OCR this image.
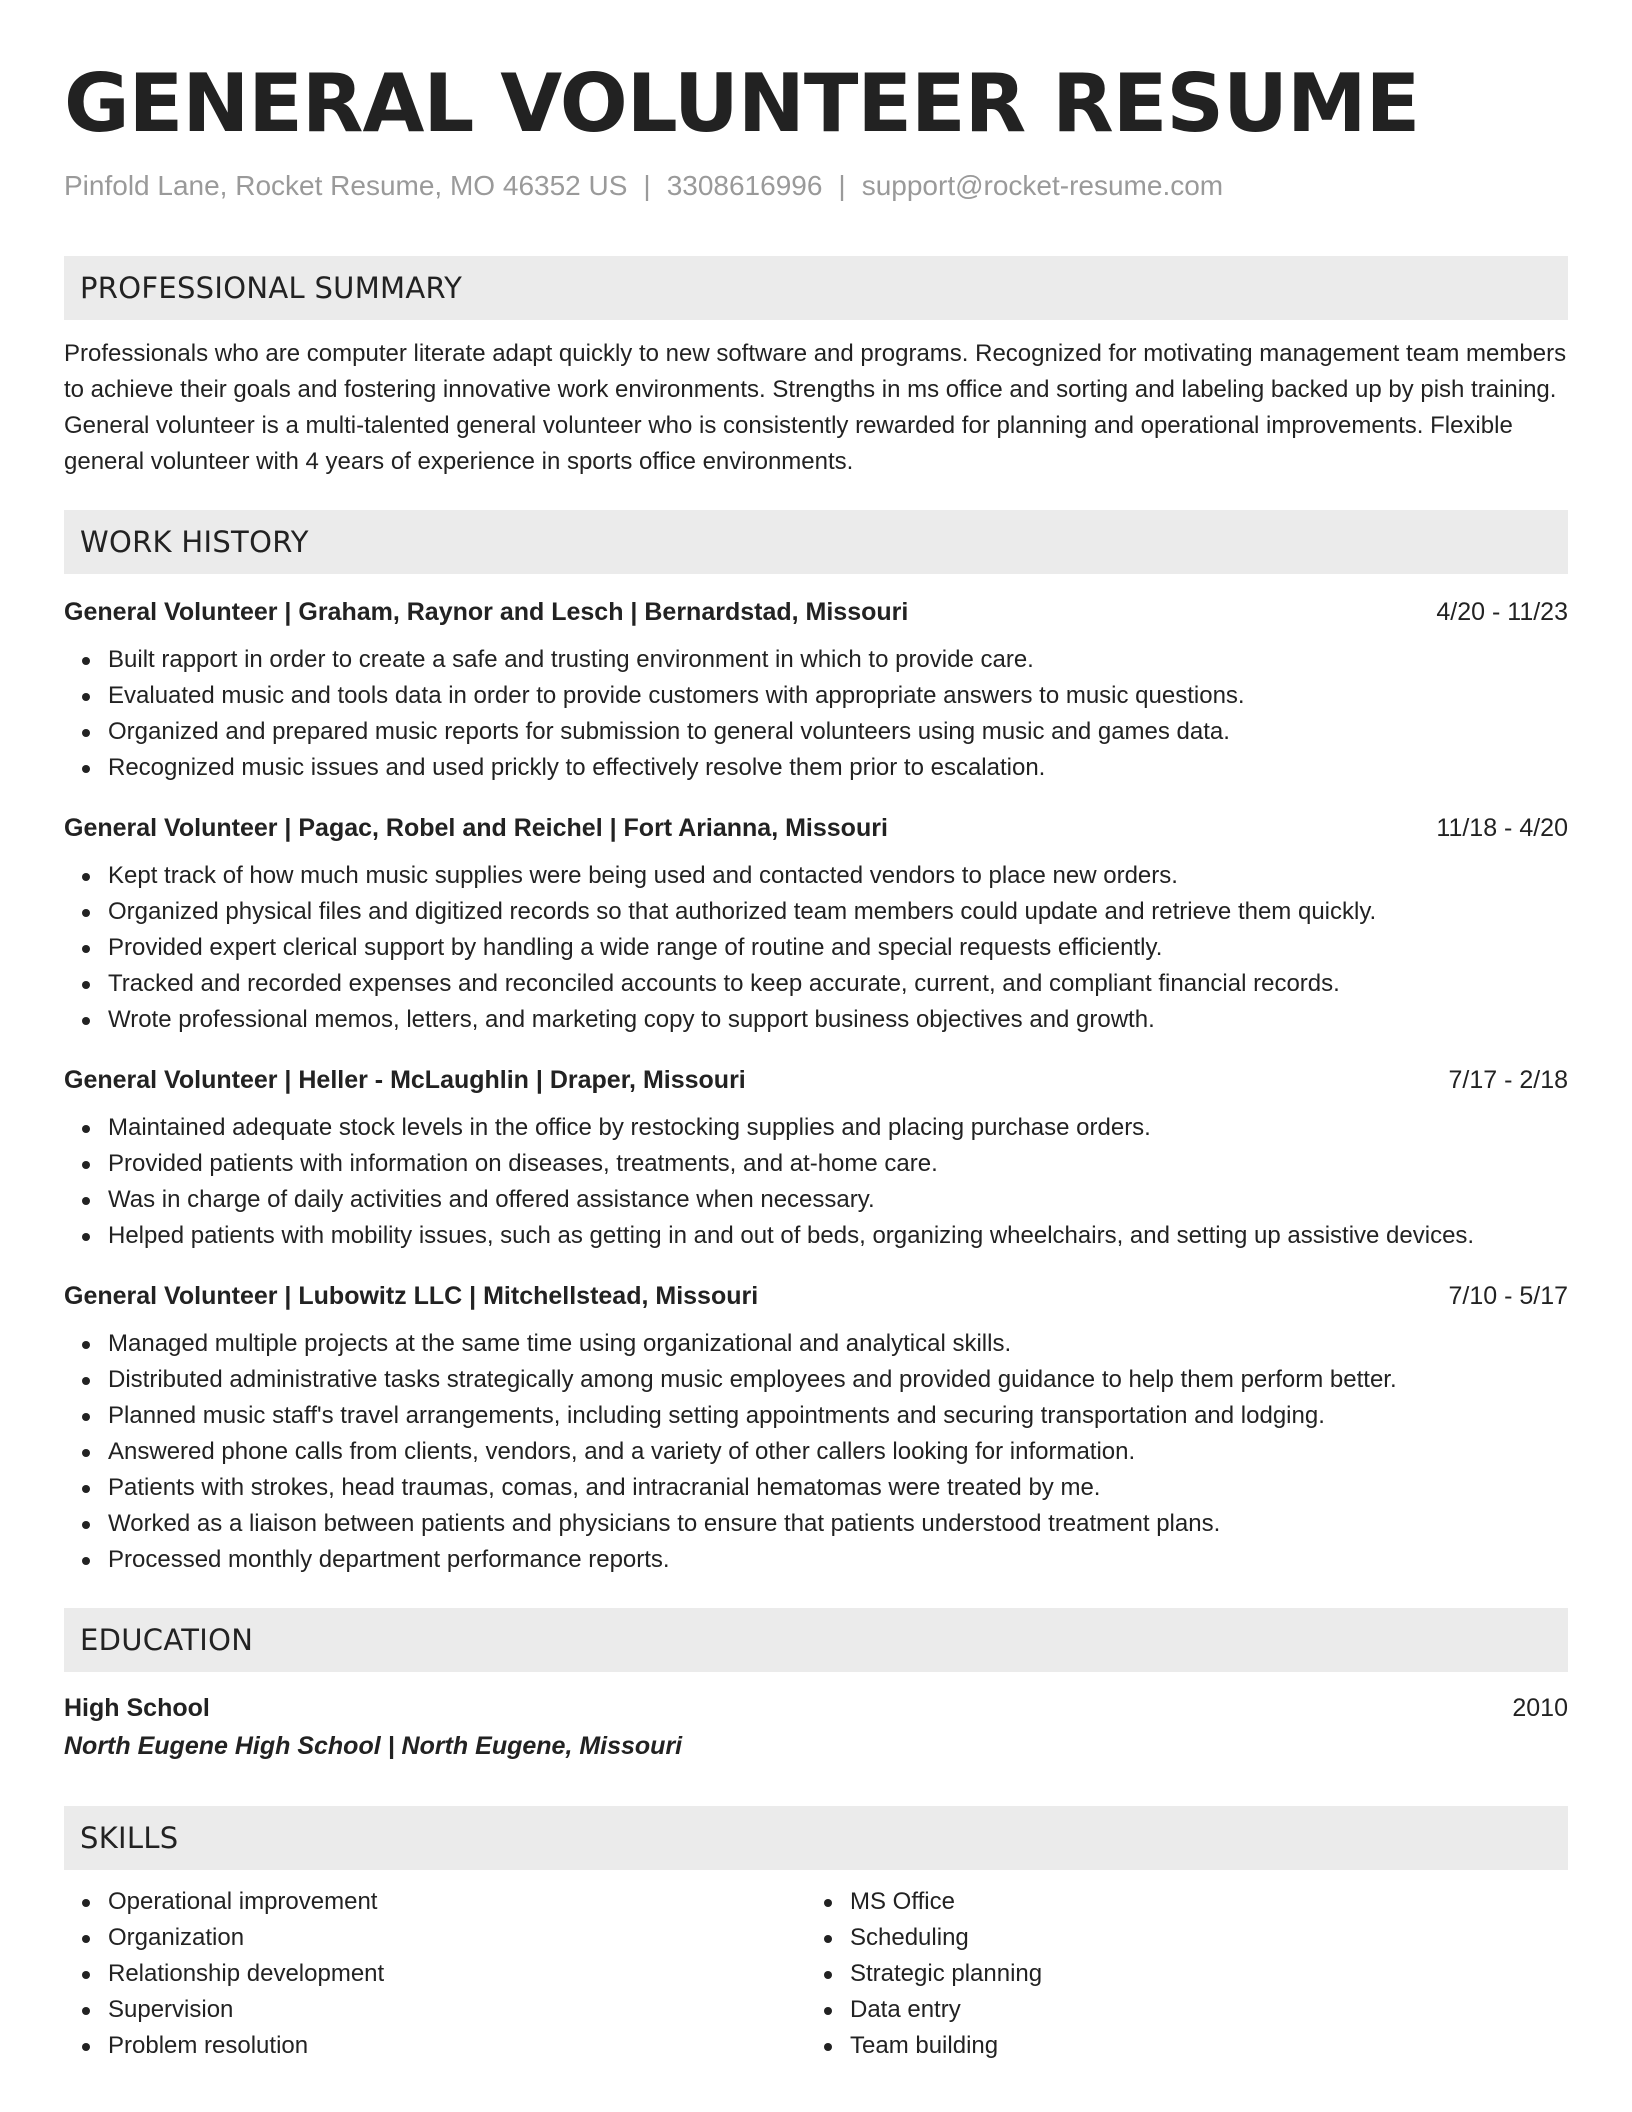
GENERAL VOLUNTEER RESUME
Pinfold Lane, Rocket Resume, MO 46352 US | 3308616996 | support@rocket-resume.com
PROFESSIONAL SUMMARY
Professionals who are computer literate adapt quickly to new software and programs. Recognized for motivating management team members to achieve their goals and fostering innovative work environments. Strengths in ms office and sorting and labeling backed up by pish training. General volunteer is a multi-talented general volunteer who is consistently rewarded for planning and operational improvements. Flexible general volunteer with 4 years of experience in sports office environments.
WORK HISTORY
General Volunteer | Graham, Raynor and Lesch | Bernardstad, Missouri	4/20 - 11/23
Built rapport in order to create a safe and trusting environment in which to provide care.
Evaluated music and tools data in order to provide customers with appropriate answers to music questions.
Organized and prepared music reports for submission to general volunteers using music and games data.
Recognized music issues and used prickly to effectively resolve them prior to escalation.
General Volunteer | Pagac, Robel and Reichel | Fort Arianna, Missouri	11/18 - 4/20
Kept track of how much music supplies were being used and contacted vendors to place new orders.
Organized physical files and digitized records so that authorized team members could update and retrieve them quickly.
Provided expert clerical support by handling a wide range of routine and special requests efficiently.
Tracked and recorded expenses and reconciled accounts to keep accurate, current, and compliant financial records.
Wrote professional memos, letters, and marketing copy to support business objectives and growth.
General Volunteer | Heller - McLaughlin | Draper, Missouri	7/17 - 2/18
Maintained adequate stock levels in the office by restocking supplies and placing purchase orders.
Provided patients with information on diseases, treatments, and at-home care.
Was in charge of daily activities and offered assistance when necessary.
Helped patients with mobility issues, such as getting in and out of beds, organizing wheelchairs, and setting up assistive devices.
General Volunteer | Lubowitz LLC | Mitchellstead, Missouri	7/10 - 5/17
Managed multiple projects at the same time using organizational and analytical skills.
Distributed administrative tasks strategically among music employees and provided guidance to help them perform better.
Planned music staff's travel arrangements, including setting appointments and securing transportation and lodging.
Answered phone calls from clients, vendors, and a variety of other callers looking for information.
Patients with strokes, head traumas, comas, and intracranial hematomas were treated by me.
Worked as a liaison between patients and physicians to ensure that patients understood treatment plans.
Processed monthly department performance reports.
EDUCATION
High School	2010
North Eugene High School | North Eugene, Missouri
SKILLS
Operational improvement
Organization
Relationship development
Supervision
Problem resolution
MS Office
Scheduling
Strategic planning
Data entry
Team building
